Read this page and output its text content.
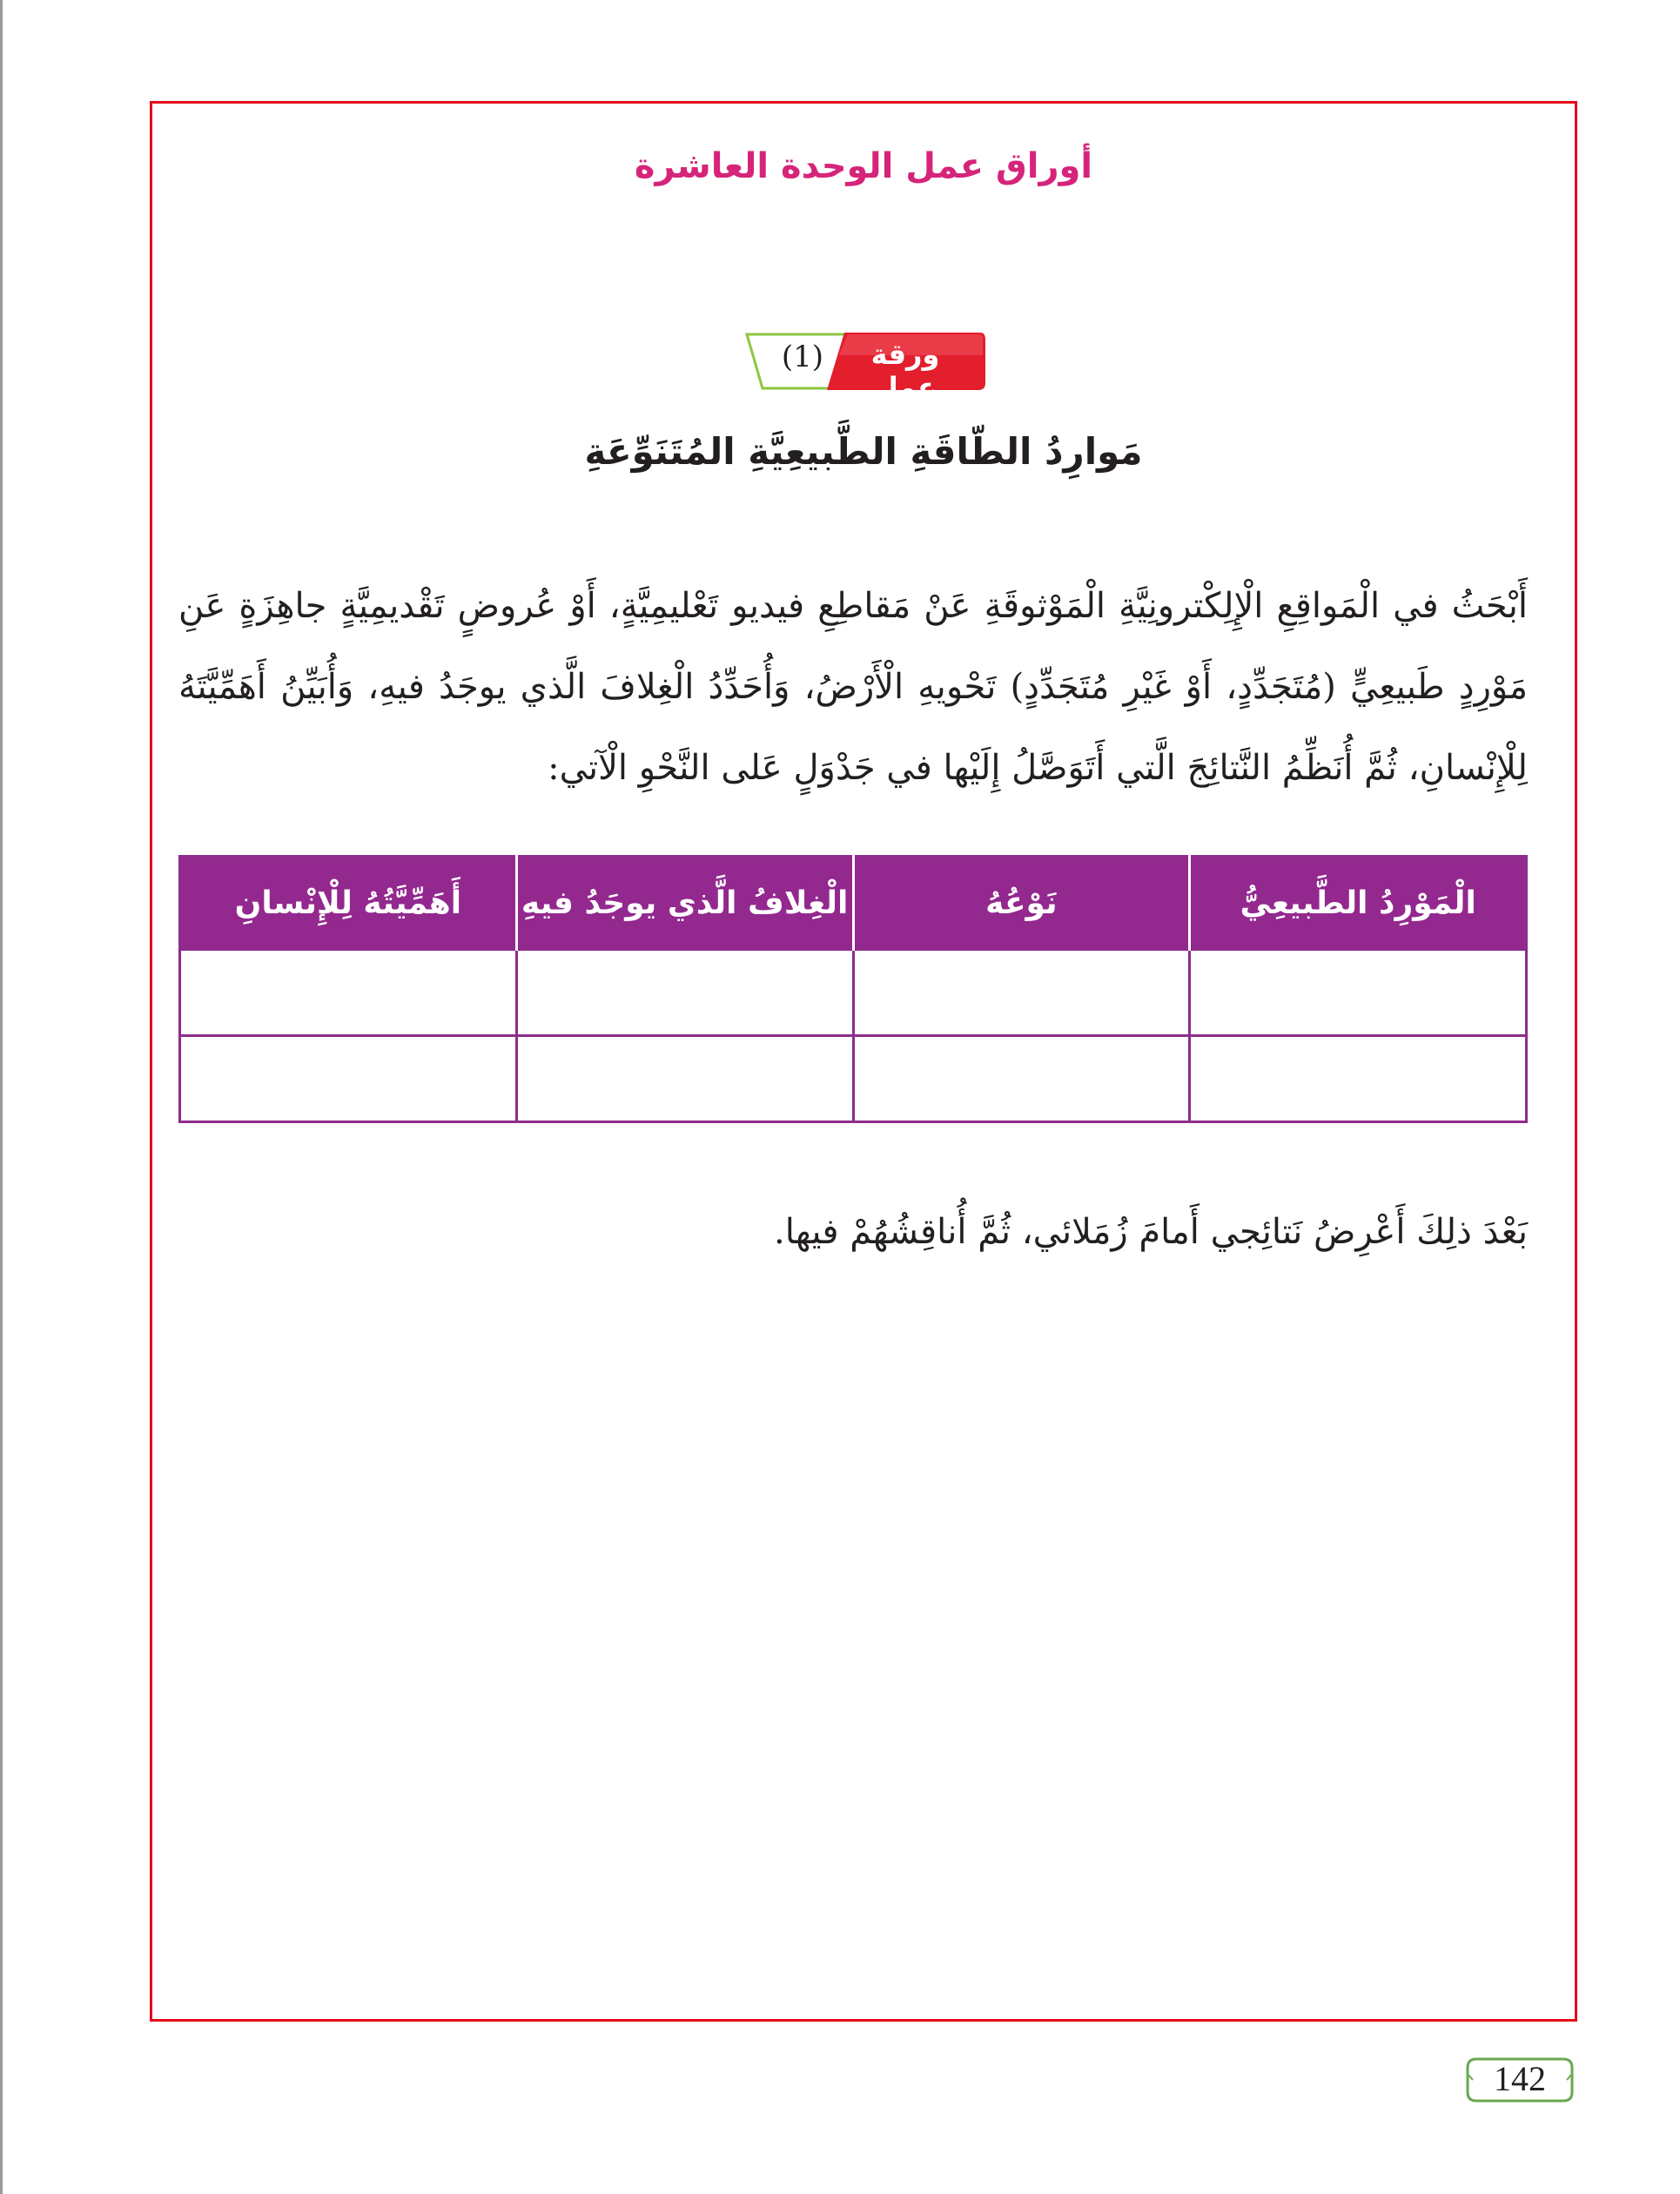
أوراق عمل الوحدة العاشرة
(1)	ورقة عمل
مَوارِدُ الطّاقَةِ الطَّبيعِيَّةِ المُتَنَوِّعَةِ
أَبْحَثُ في الْمَواقِعِ الْإِلِكْترونِيَّةِ الْمَوْثوقَةِ عَنْ مَقاطِعِ فيديو تَعْليمِيَّةٍ، أَوْ عُروضٍ تَقْديمِيَّةٍ جاهِزَةٍ عَنِ مَوْرِدٍ طَبيعِيٍّ (مُتَجَدِّدٍ، أَوْ غَيْرِ مُتَجَدِّدٍ) تَحْويهِ الْأَرْضُ، وَأُحَدِّدُ الْغِلافَ الَّذي يوجَدُ فيهِ، وَأُبَيِّنُ أَهَمِّيَّتَهُ لِلْإِنْسانِ، ثُمَّ أُنَظِّمُ النَّتائِجَ الَّتي أَتَوَصَّلُ إِلَيْها في جَدْوَلٍ عَلى النَّحْوِ الْآتي:
الْمَوْرِدُ الطَّبيعِيُّ	نَوْعُهُ	الْغِلافُ الَّذي يوجَدُ فيهِ	أَهَمِّيَّتُهُ لِلْإِنْسانِ

بَعْدَ ذلِكَ أَعْرِضُ نَتائِجي أَمامَ زُمَلائي، ثُمَّ أُناقِشُهُمْ فيها.
142
